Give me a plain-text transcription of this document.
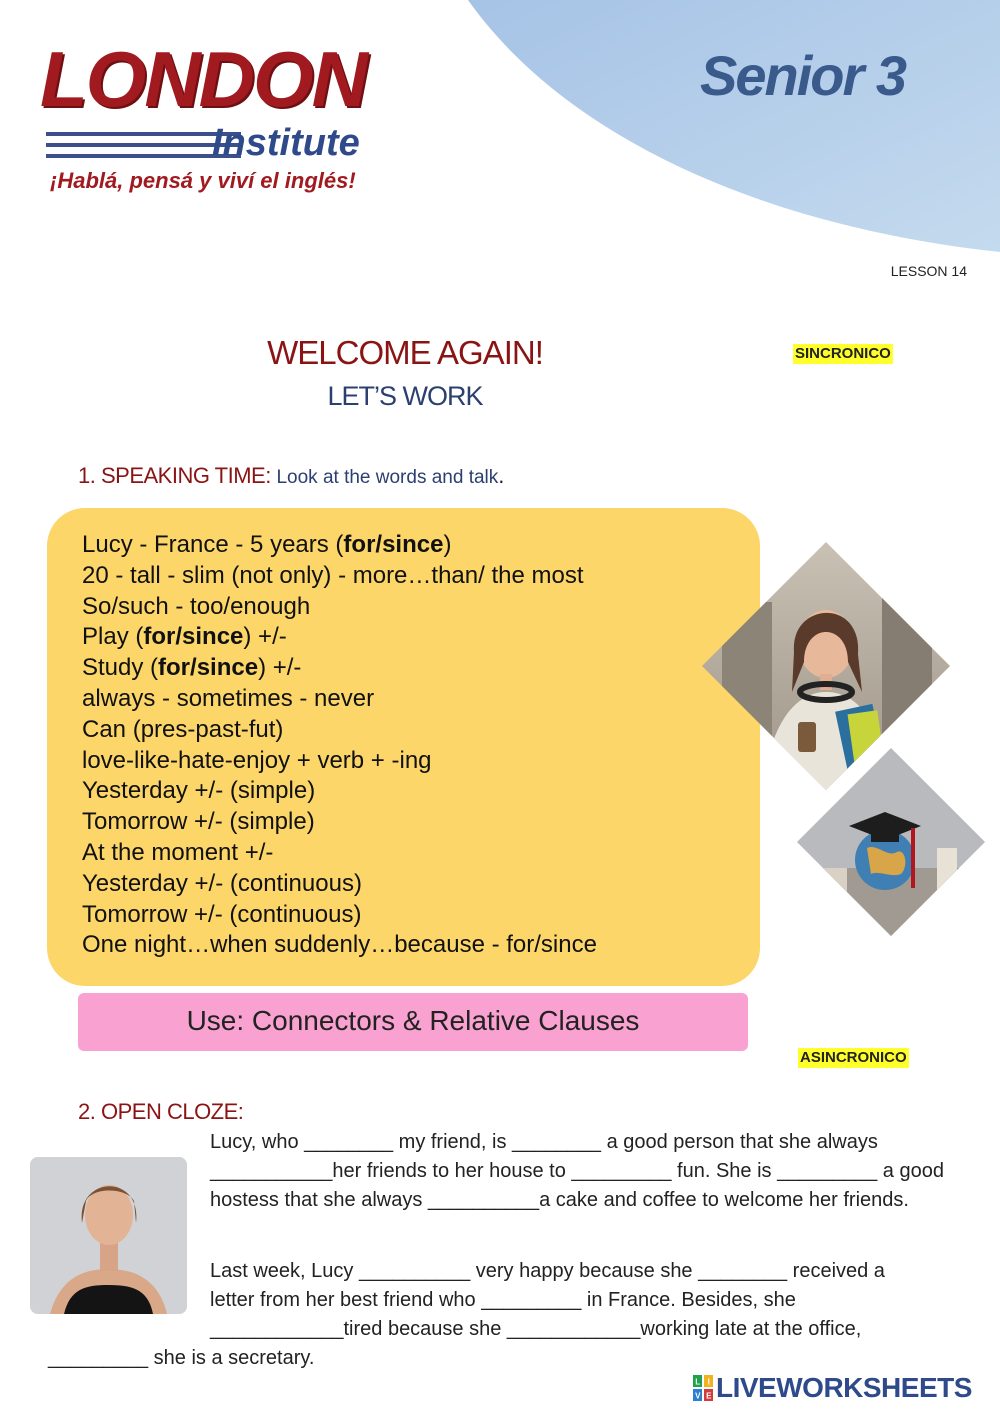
LONDON
Institute
¡Hablá, pensá y viví el inglés!
Senior 3
LESSON 14
WELCOME AGAIN!
LET’S WORK
SINCRONICO
1. SPEAKING TIME: Look at the words and talk.
Lucy - France - 5 years (for/since)
20 - tall - slim (not only) - more…than/ the most
So/such - too/enough
Play (for/since) +/-
Study (for/since) +/-
always - sometimes - never
Can (pres-past-fut)
love-like-hate-enjoy + verb + -ing
Yesterday +/- (simple)
Tomorrow +/- (simple)
At the moment +/-
Yesterday +/- (continuous)
Tomorrow +/- (continuous)
One night…when suddenly…because - for/since
Use: Connectors & Relative Clauses
ASINCRONICO
2. OPEN CLOZE:

Lucy, who ________ my friend, is ________ a good person that she always ___________her friends to her house to _________ fun. She is _________ a good hostess that she always __________a cake and coffee to welcome her friends.

Last week, Lucy __________ very happy because she ________ received a

letter from her best friend who _________ in France. Besides, she

____________tired because she ____________working late at the office,

_________ she is a secretary.

L I
V E LIVEWORKSHEETS
